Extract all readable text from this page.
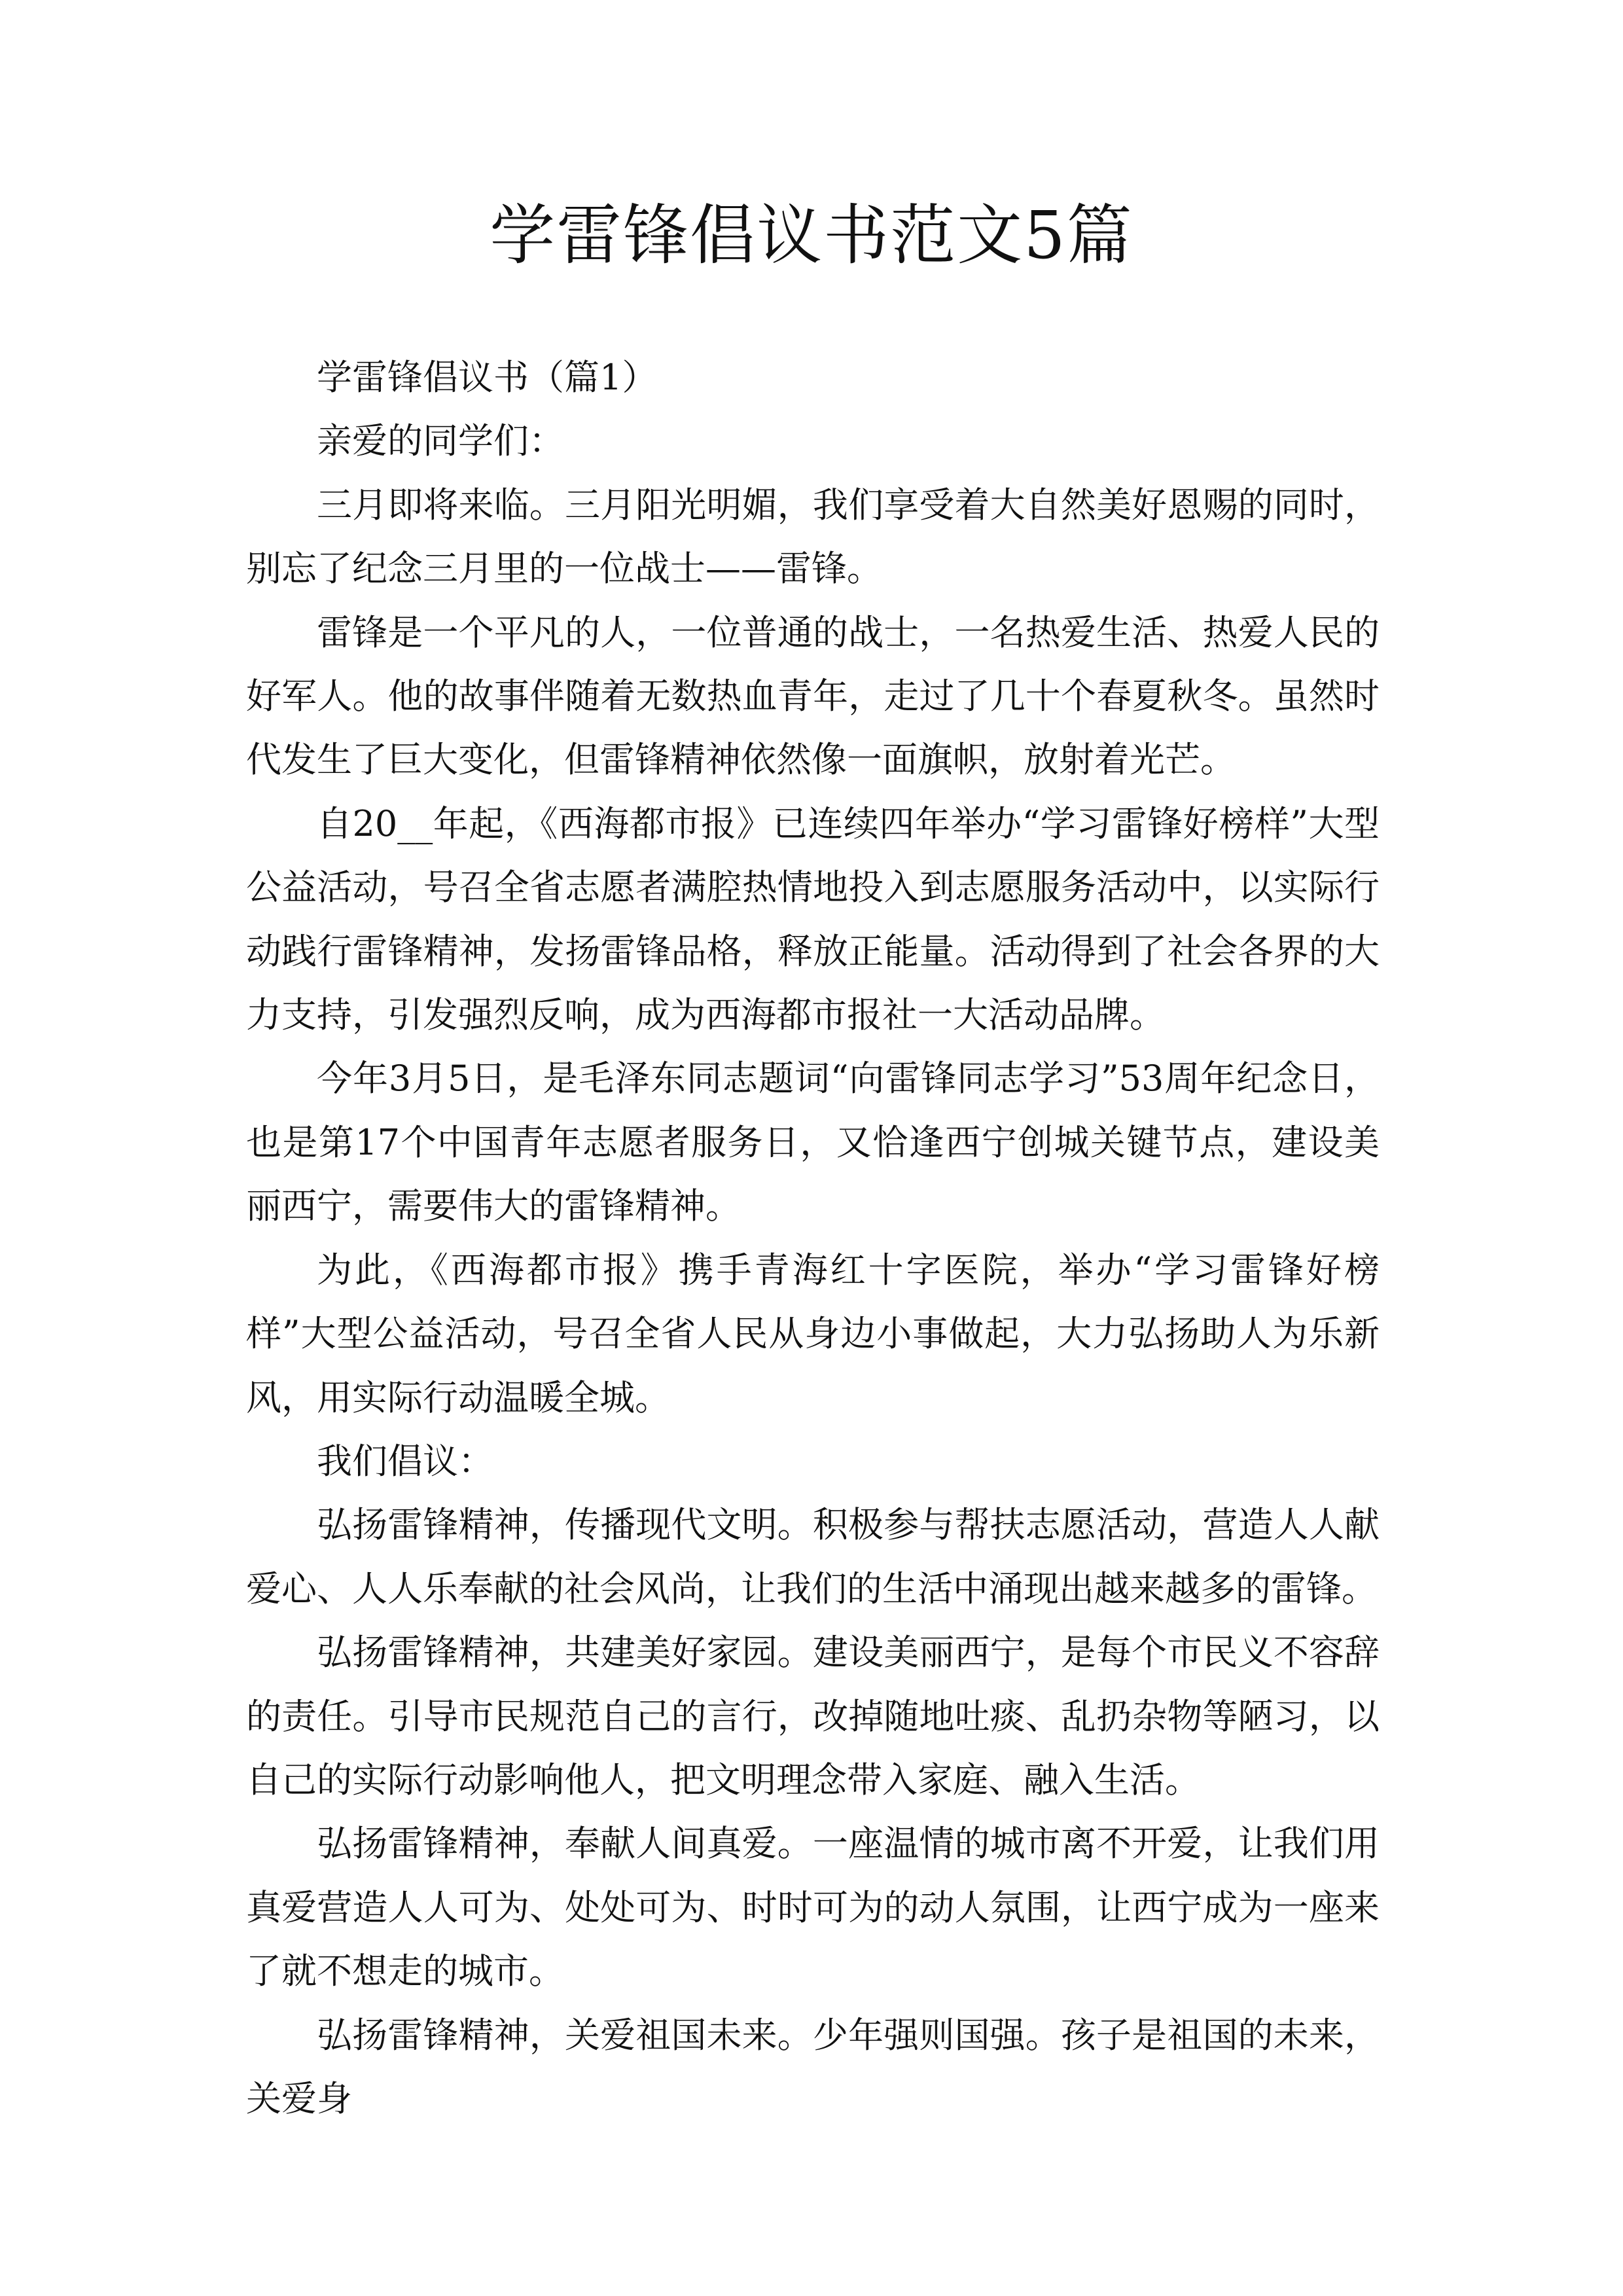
学雷锋倡议书范文5篇

学雷锋倡议书（篇1）

亲爱的同学们：

三月即将来临。三月阳光明媚，我们享受着大自然美好恩赐的同时，别忘了纪念三月里的一位战士——雷锋。

雷锋是一个平凡的人，一位普通的战士，一名热爱生活、热爱人民的好军人。他的故事伴随着无数热血青年，走过了几十个春夏秋冬。虽然时代发生了巨大变化，但雷锋精神依然像一面旗帜，放射着光芒。

自20__年起，《西海都市报》已连续四年举办“学习雷锋好榜样”大型公益活动，号召全省志愿者满腔热情地投入到志愿服务活动中，以实际行动践行雷锋精神，发扬雷锋品格，释放正能量。活动得到了社会各界的大力支持，引发强烈反响，成为西海都市报社一大活动品牌。

今年3月5日，是毛泽东同志题词“向雷锋同志学习”53周年纪念日，也是第17个中国青年志愿者服务日，又恰逢西宁创城关键节点，建设美丽西宁，需要伟大的雷锋精神。

为此，《西海都市报》携手青海红十字医院，举办“学习雷锋好榜样”大型公益活动，号召全省人民从身边小事做起，大力弘扬助人为乐新风，用实际行动温暖全城。

我们倡议：

弘扬雷锋精神，传播现代文明。积极参与帮扶志愿活动，营造人人献爱心、人人乐奉献的社会风尚，让我们的生活中涌现出越来越多的雷锋。

弘扬雷锋精神，共建美好家园。建设美丽西宁，是每个市民义不容辞的责任。引导市民规范自己的言行，改掉随地吐痰、乱扔杂物等陋习，以自己的实际行动影响他人，把文明理念带入家庭、融入生活。

弘扬雷锋精神，奉献人间真爱。一座温情的城市离不开爱，让我们用真爱营造人人可为、处处可为、时时可为的动人氛围，让西宁成为一座来了就不想走的城市。

弘扬雷锋精神，关爱祖国未来。少年强则国强。孩子是祖国的未来，关爱身
